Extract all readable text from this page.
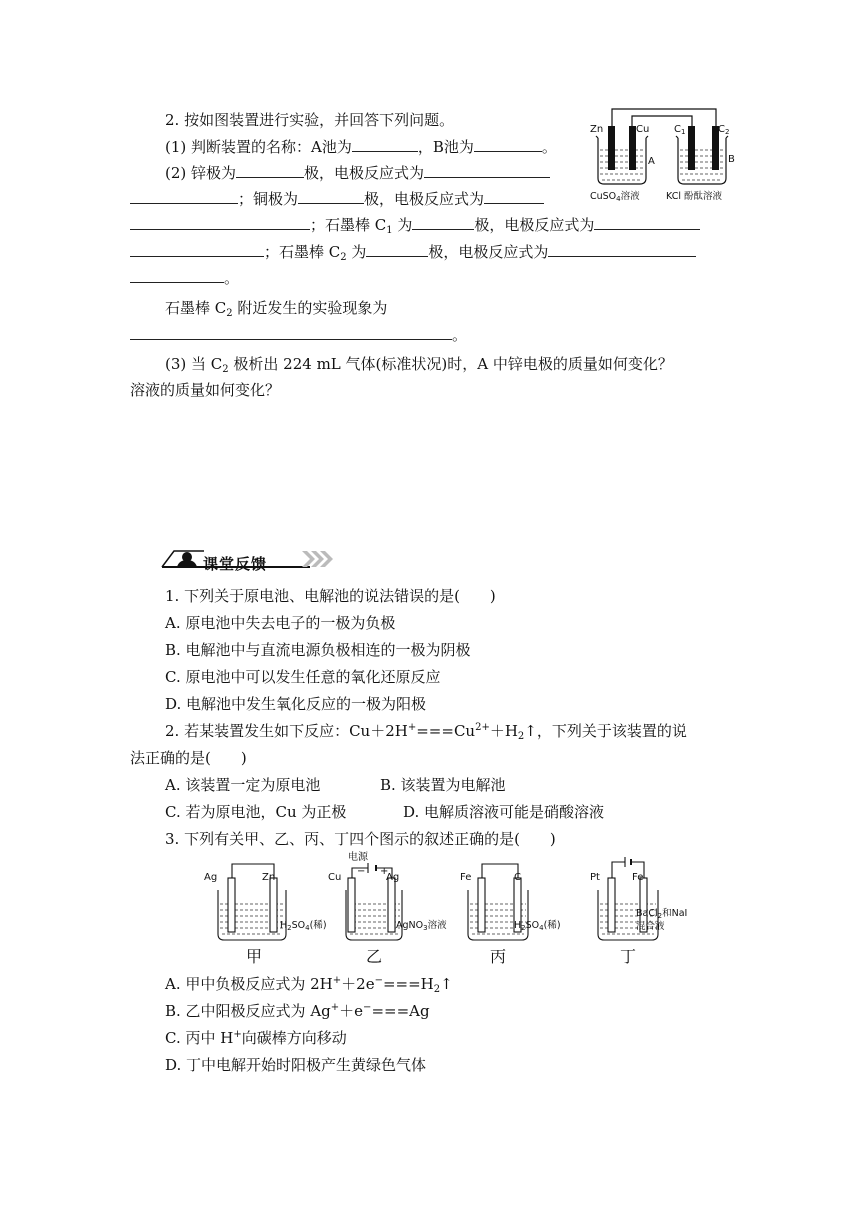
2. 按如图装置进行实验，并回答下列问题。
(1) 判断装置的名称：A池为	，B池为	。
(2) 锌极为	极，电极反应式为
；铜极为	极，电极反应式为
；石墨棒 $C_1$ 为	极，电极反应式为
；石墨棒 $C_2$ 为	极，电极反应式为
。
石墨棒 $C_2$ 附近发生的实验现象为
。
(3) 当 $C_2$ 极析出 224 mL 气体(标准状况)时，A 中锌电极的质量如何变化？
溶液的质量如何变化？
Zn	Cu $C_1$	$C_2$
A	B
CuSO$_4$溶液	KCl 酚酞溶液
课堂反馈
1. 下列关于原电池、电解池的说法错误的是(　　)
A. 原电池中失去电子的一极为负极
B. 电解池中与直流电源负极相连的一极为阴极
C. 原电池中可以发生任意的氧化还原反应
D. 电解池中发生氧化反应的一极为阳极
2. 若某装置发生如下反应：$Cu+2H^+===Cu^{2+}+H_2↑$，下列关于该装置的说
法正确的是(　　)
A. 该装置一定为原电池	B. 该装置为电解池
C. 若为原电池，Cu 为正极	D. 电解质溶液可能是硝酸溶液
3. 下列有关甲、乙、丙、丁四个图示的叙述正确的是(　　)
Ag	Zn
$H_2SO_4$(稀)
电源
− +
Cu	Ag
AgNO$_3$溶液
Fe	C
$H_2SO_4$(稀)
Pt	Fe
BaCl$_2$和NaI
混合液
甲	乙	丙	丁
A. 甲中负极反应式为 $2H^++2e^-===H_2↑$
B. 乙中阳极反应式为 Ag+＋e−===Ag
C. 丙中 H+向碳棒方向移动
D. 丁中电解开始时阳极产生黄绿色气体
